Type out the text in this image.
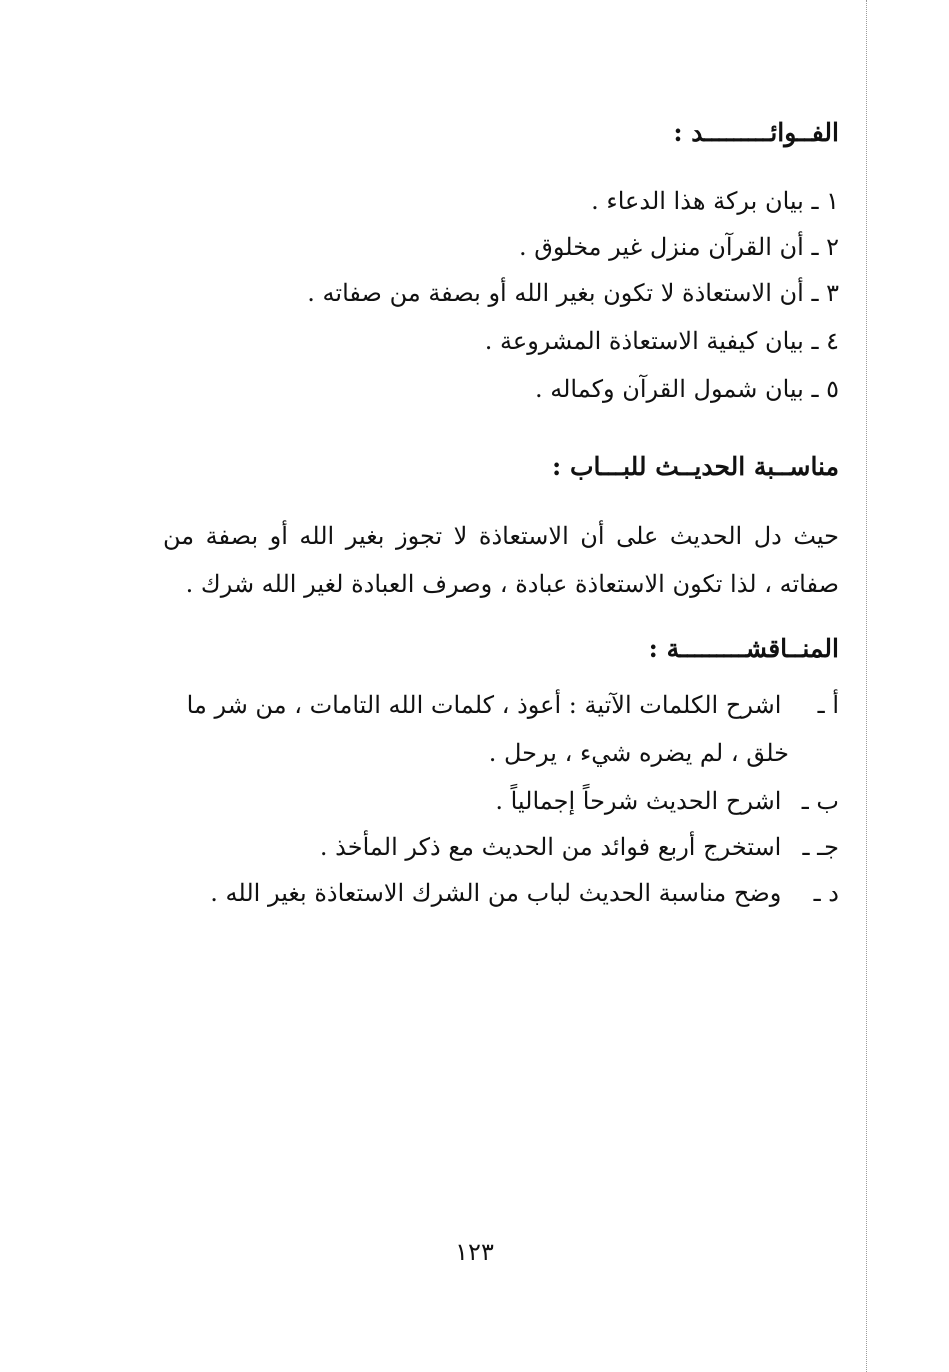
الفــوائـــــــــد :
١ ـ بيان بركة هذا الدعاء .
٢ ـ أن القرآن منزل غير مخلوق .
٣ ـ أن الاستعاذة لا تكون بغير الله أو بصفة من صفاته .
٤ ـ بيان كيفية الاستعاذة المشروعة .
٥ ـ بيان شمول القرآن وكماله .
مناســبة الحديــث للبـــاب :
حيث دل الحديث على أن الاستعاذة لا تجوز بغير الله أو بصفة من صفاته ، لذا تكون الاستعاذة عبادة ، وصرف العبادة لغير الله شرك .
المنــاقشـــــــــة :
أ ـ اشرح الكلمات الآتية : أعوذ ، كلمات الله التامات ، من شر ما
خلق ، لم يضره شيء ، يرحل .
ب ـ اشرح الحديث شرحاً إجمالياً .
جـ ـ استخرج أربع فوائد من الحديث مع ذكر المأخذ .
د ـ وضح مناسبة الحديث لباب من الشرك الاستعاذة بغير الله .
١٢٣
